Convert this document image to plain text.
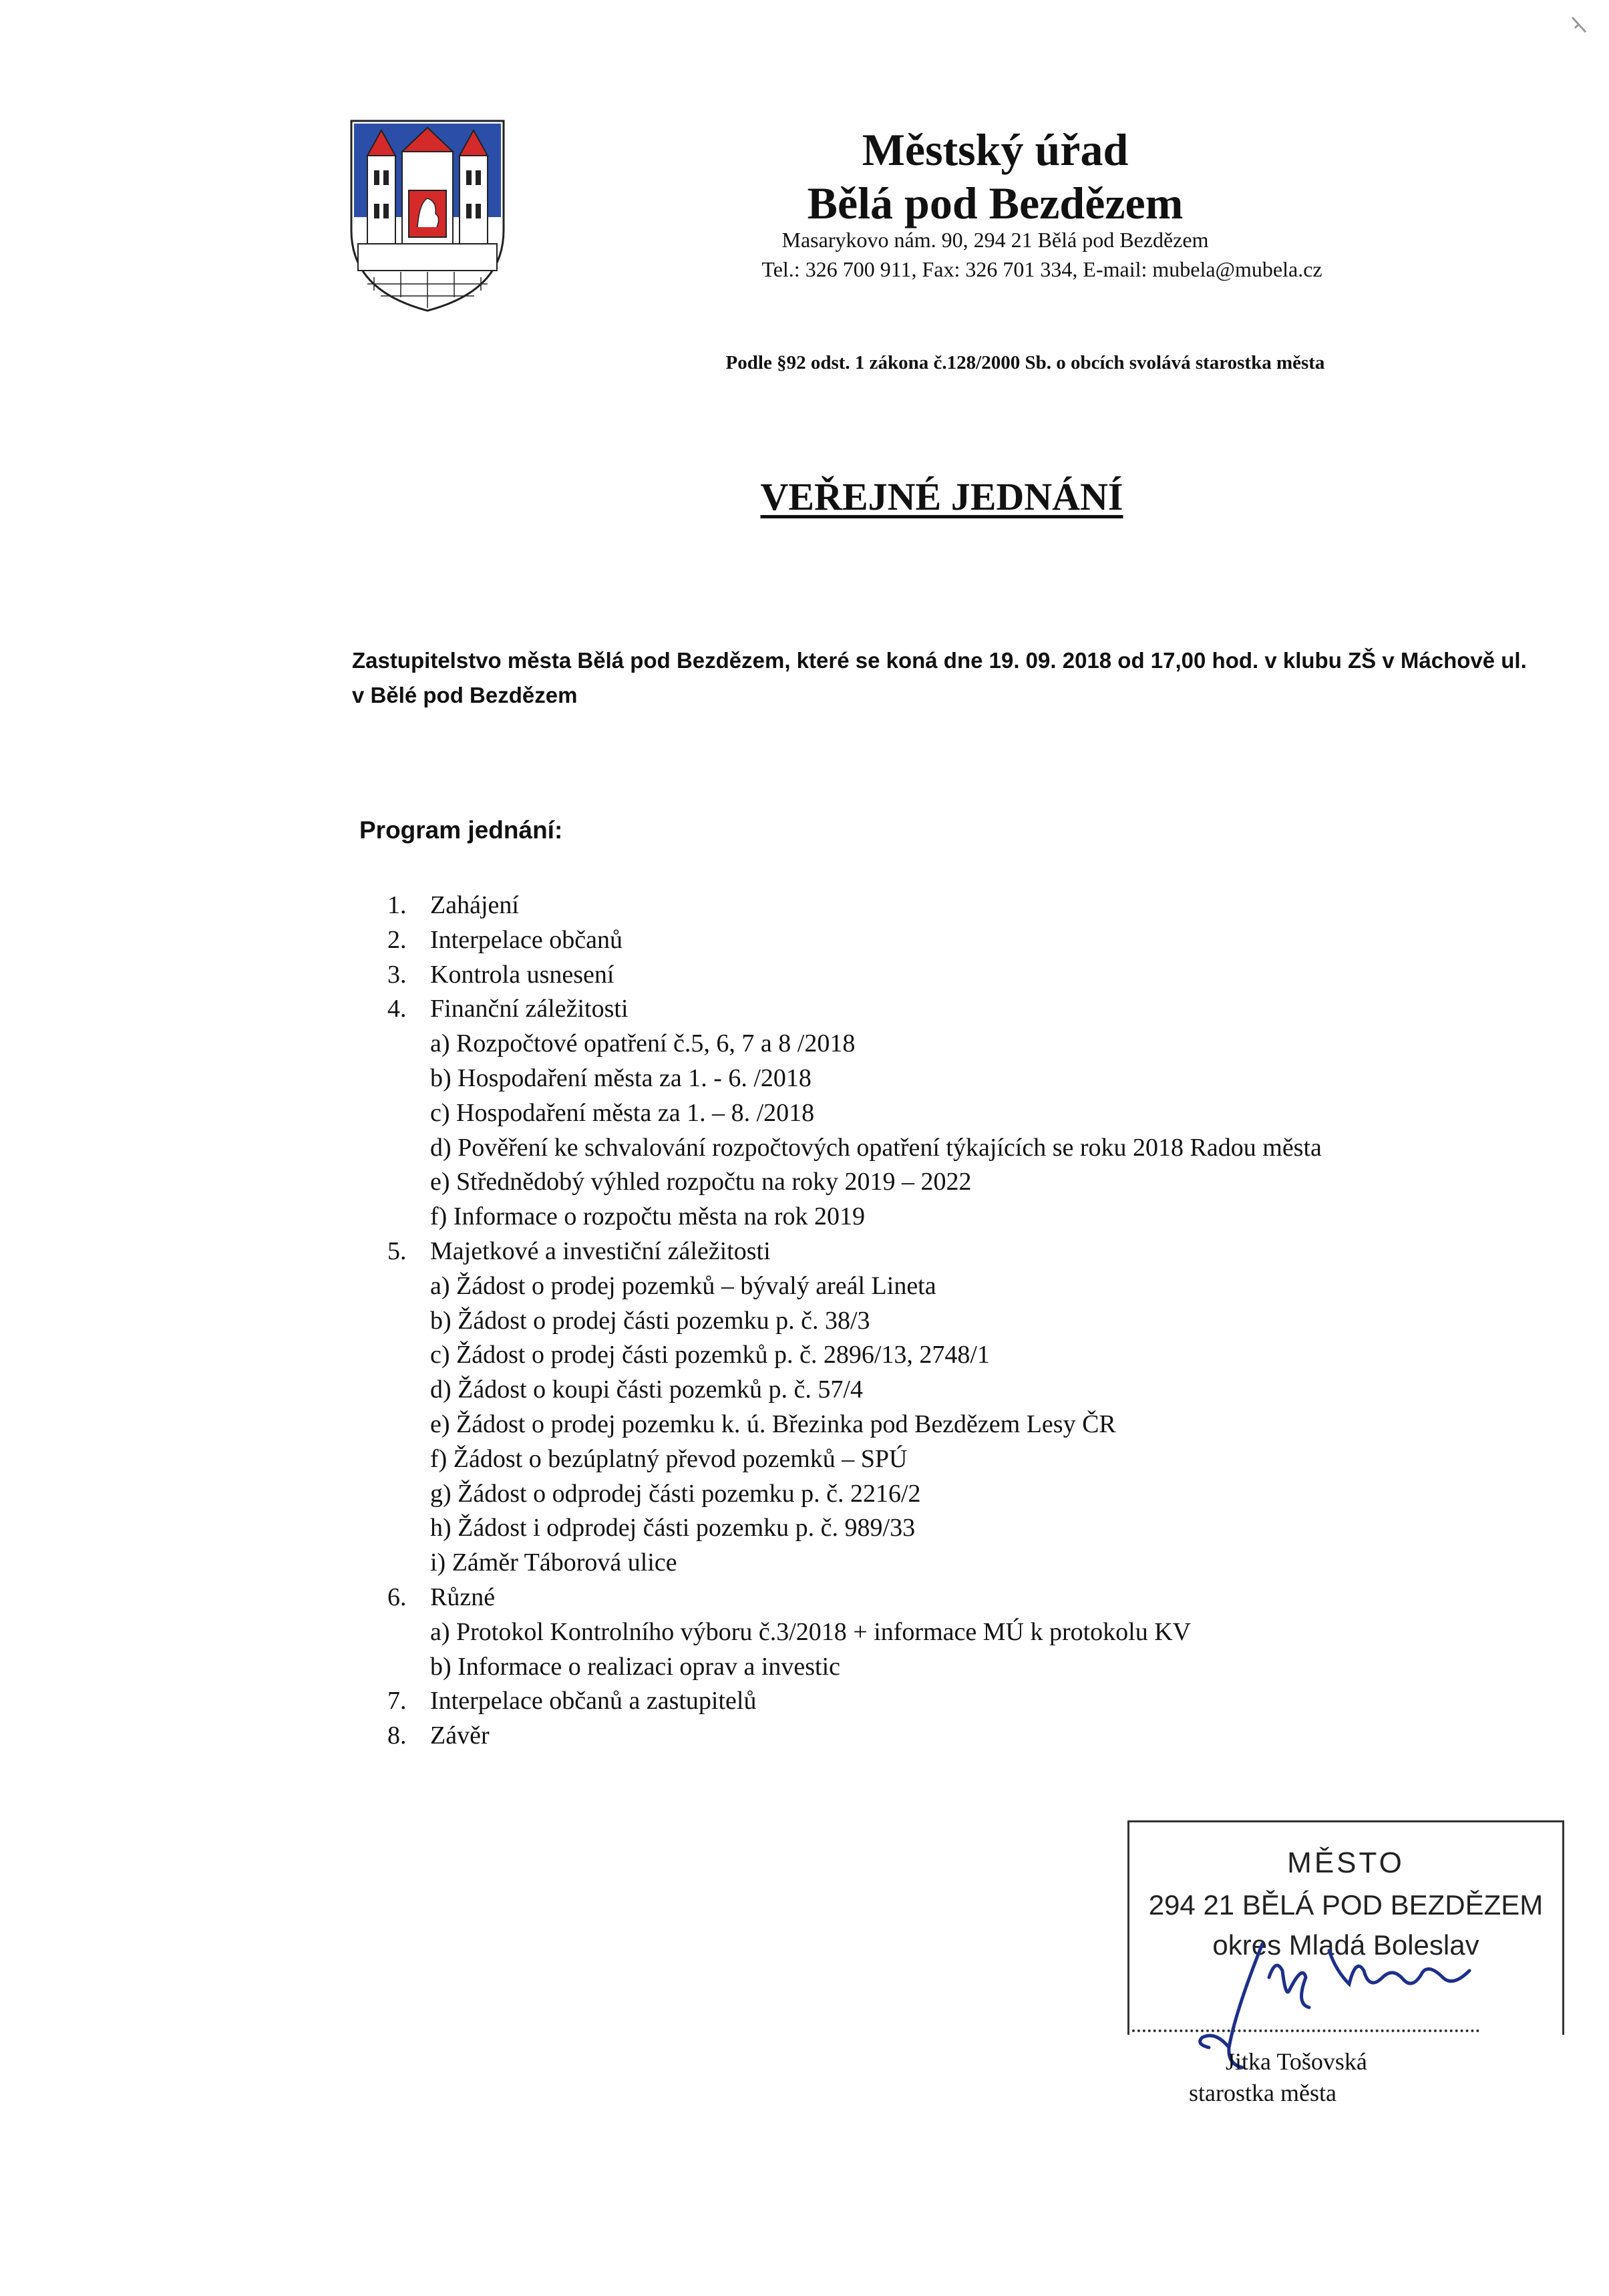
Městský úřad
Bělá pod Bezdězem
Masarykovo nám. 90, 294 21 Bělá pod Bezdězem
Tel.: 326 700 911, Fax: 326 701 334, E-mail: mubela@mubela.cz
Podle §92 odst. 1 zákona č.128/2000 Sb. o obcích svolává starostka města
VEŘEJNÉ JEDNÁNÍ
Zastupitelstvo města Bělá pod Bezdězem, které se koná dne 19. 09. 2018 od 17,00 hod. v klubu ZŠ v Máchově ul. v Bělé pod Bezdězem
Program jednání:
1. Zahájení
2. Interpelace občanů
3. Kontrola usnesení
4. Finanční záležitosti
a) Rozpočtové opatření č.5, 6, 7 a 8 /2018
b) Hospodaření města za 1. - 6. /2018
c) Hospodaření města za 1. – 8. /2018
d) Pověření ke schvalování rozpočtových opatření týkajících se roku 2018 Radou města
e) Střednědobý výhled rozpočtu na roky 2019 – 2022
f) Informace o rozpočtu města na rok 2019
5. Majetkové a investiční záležitosti
a) Žádost o prodej pozemků – bývalý areál Lineta
b) Žádost o prodej části pozemku p. č. 38/3
c) Žádost o prodej části pozemků p. č. 2896/13, 2748/1
d) Žádost o koupi části pozemků p. č. 57/4
e) Žádost o prodej pozemku k. ú. Březinka pod Bezdězem Lesy ČR
f) Žádost o bezúplatný převod pozemků – SPÚ
g) Žádost o odprodej části pozemku p. č. 2216/2
h) Žádost i odprodej části pozemku p. č. 989/33
i) Záměr Táborová ulice
6. Různé
a) Protokol Kontrolního výboru č.3/2018 + informace MÚ k protokolu KV
b) Informace o realizaci oprav a investic
7. Interpelace občanů a zastupitelů
8. Závěr
MĚSTO
294 21 BĚLÁ POD BEZDĚZEM
okres Mladá Boleslav
Jitka Tošovská
starostka města
